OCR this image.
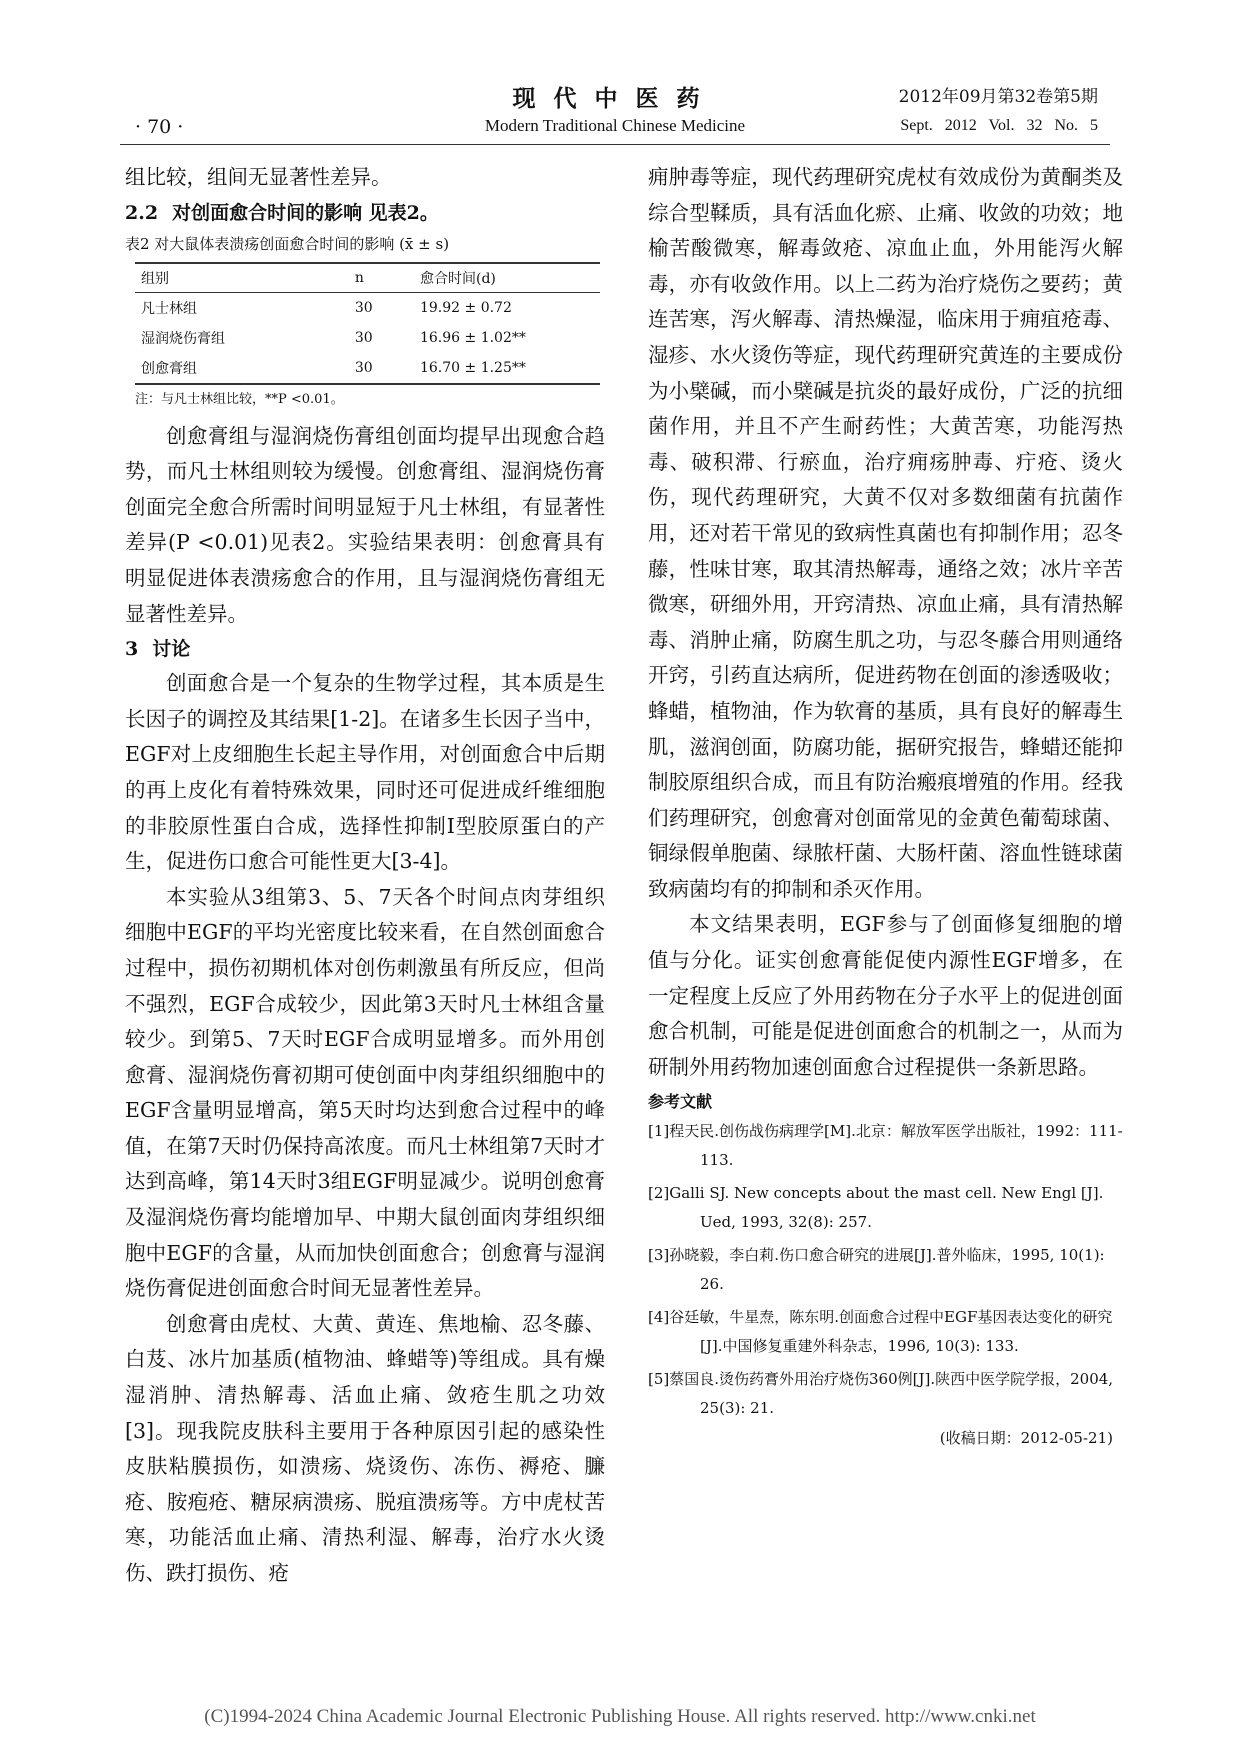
· 70 ·
现代中医药
Modern Traditional Chinese Medicine
2012年09月第32卷第5期
Sept. 2012 Vol. 32 No. 5

组比较，组间无显著性差异。

2.2 对创面愈合时间的影响 见表2。
表2 对大鼠体表溃疡创面愈合时间的影响 (x̄ ± s)
组别	n	愈合时间(d)
凡士林组	30	19.92 ± 0.72
湿润烧伤膏组	30	16.96 ± 1.02**
创愈膏组	30	16.70 ± 1.25**
注：与凡士林组比较，**P <0.01。

创愈膏组与湿润烧伤膏组创面均提早出现愈合趋势，而凡士林组则较为缓慢。创愈膏组、湿润烧伤膏创面完全愈合所需时间明显短于凡士林组，有显著性差异(P <0.01)见表2。实验结果表明：创愈膏具有明显促进体表溃疡愈合的作用，且与湿润烧伤膏组无显著性差异。

3 讨论

创面愈合是一个复杂的生物学过程，其本质是生长因子的调控及其结果[1-2]。在诸多生长因子当中，EGF对上皮细胞生长起主导作用，对创面愈合中后期的再上皮化有着特殊效果，同时还可促进成纤维细胞的非胶原性蛋白合成，选择性抑制Ⅰ型胶原蛋白的产生，促进伤口愈合可能性更大[3-4]。

本实验从3组第3、5、7天各个时间点肉芽组织细胞中EGF的平均光密度比较来看，在自然创面愈合过程中，损伤初期机体对创伤刺激虽有所反应，但尚不强烈，EGF合成较少，因此第3天时凡士林组含量较少。到第5、7天时EGF合成明显增多。而外用创愈膏、湿润烧伤膏初期可使创面中肉芽组织细胞中的EGF含量明显增高，第5天时均达到愈合过程中的峰值，在第7天时仍保持高浓度。而凡士林组第7天时才达到高峰，第14天时3组EGF明显减少。说明创愈膏及湿润烧伤膏均能增加早、中期大鼠创面肉芽组织细胞中EGF的含量，从而加快创面愈合；创愈膏与湿润烧伤膏促进创面愈合时间无显著性差异。

创愈膏由虎杖、大黄、黄连、焦地榆、忍冬藤、白芨、冰片加基质(植物油、蜂蜡等)等组成。具有燥湿消肿、清热解毒、活血止痛、敛疮生肌之功效[3]。现我院皮肤科主要用于各种原因引起的感染性皮肤粘膜损伤，如溃疡、烧烫伤、冻伤、褥疮、臁疮、胺疱疮、糖尿病溃疡、脱疽溃疡等。方中虎杖苦寒，功能活血止痛、清热利湿、解毒，治疗水火烫伤、跌打损伤、疮

痈肿毒等症，现代药理研究虎杖有效成份为黄酮类及综合型鞣质，具有活血化瘀、止痛、收敛的功效；地榆苦酸微寒，解毒敛疮、凉血止血，外用能泻火解毒，亦有收敛作用。以上二药为治疗烧伤之要药；黄连苦寒，泻火解毒、清热燥湿，临床用于痈疽疮毒、湿疹、水火烫伤等症，现代药理研究黄连的主要成份为小檗碱，而小檗碱是抗炎的最好成份，广泛的抗细菌作用，并且不产生耐药性；大黄苦寒，功能泻热毒、破积滞、行瘀血，治疗痈疡肿毒、疔疮、烫火伤，现代药理研究，大黄不仅对多数细菌有抗菌作用，还对若干常见的致病性真菌也有抑制作用；忍冬藤，性味甘寒，取其清热解毒，通络之效；冰片辛苦微寒，研细外用，开窍清热、凉血止痛，具有清热解毒、消肿止痛，防腐生肌之功，与忍冬藤合用则通络开窍，引药直达病所，促进药物在创面的渗透吸收；蜂蜡，植物油，作为软膏的基质，具有良好的解毒生肌，滋润创面，防腐功能，据研究报告，蜂蜡还能抑制胶原组织合成，而且有防治瘢痕增殖的作用。经我们药理研究，创愈膏对创面常见的金黄色葡萄球菌、铜绿假单胞菌、绿脓杆菌、大肠杆菌、溶血性链球菌致病菌均有的抑制和杀灭作用。

本文结果表明，EGF参与了创面修复细胞的增值与分化。证实创愈膏能促使内源性EGF增多，在一定程度上反应了外用药物在分子水平上的促进创面愈合机制，可能是促进创面愈合的机制之一，从而为研制外用药物加速创面愈合过程提供一条新思路。

参考文献
[1]程天民.创伤战伤病理学[M].北京：解放军医学出版社，1992：111-113.
[2]Galli SJ. New concepts about the mast cell. New Engl [J]. Ued, 1993, 32(8): 257.
[3]孙晓毅，李白莉.伤口愈合研究的进展[J].普外临床，1995, 10(1): 26.
[4]谷廷敏，牛星焘，陈东明.创面愈合过程中EGF基因表达变化的研究[J].中国修复重建外科杂志，1996, 10(3): 133.
[5]蔡国良.烫伤药膏外用治疗烧伤360例[J].陕西中医学院学报，2004, 25(3): 21.
(收稿日期：2012-05-21)
(C)1994-2024 China Academic Journal Electronic Publishing House. All rights reserved. http://www.cnki.net
